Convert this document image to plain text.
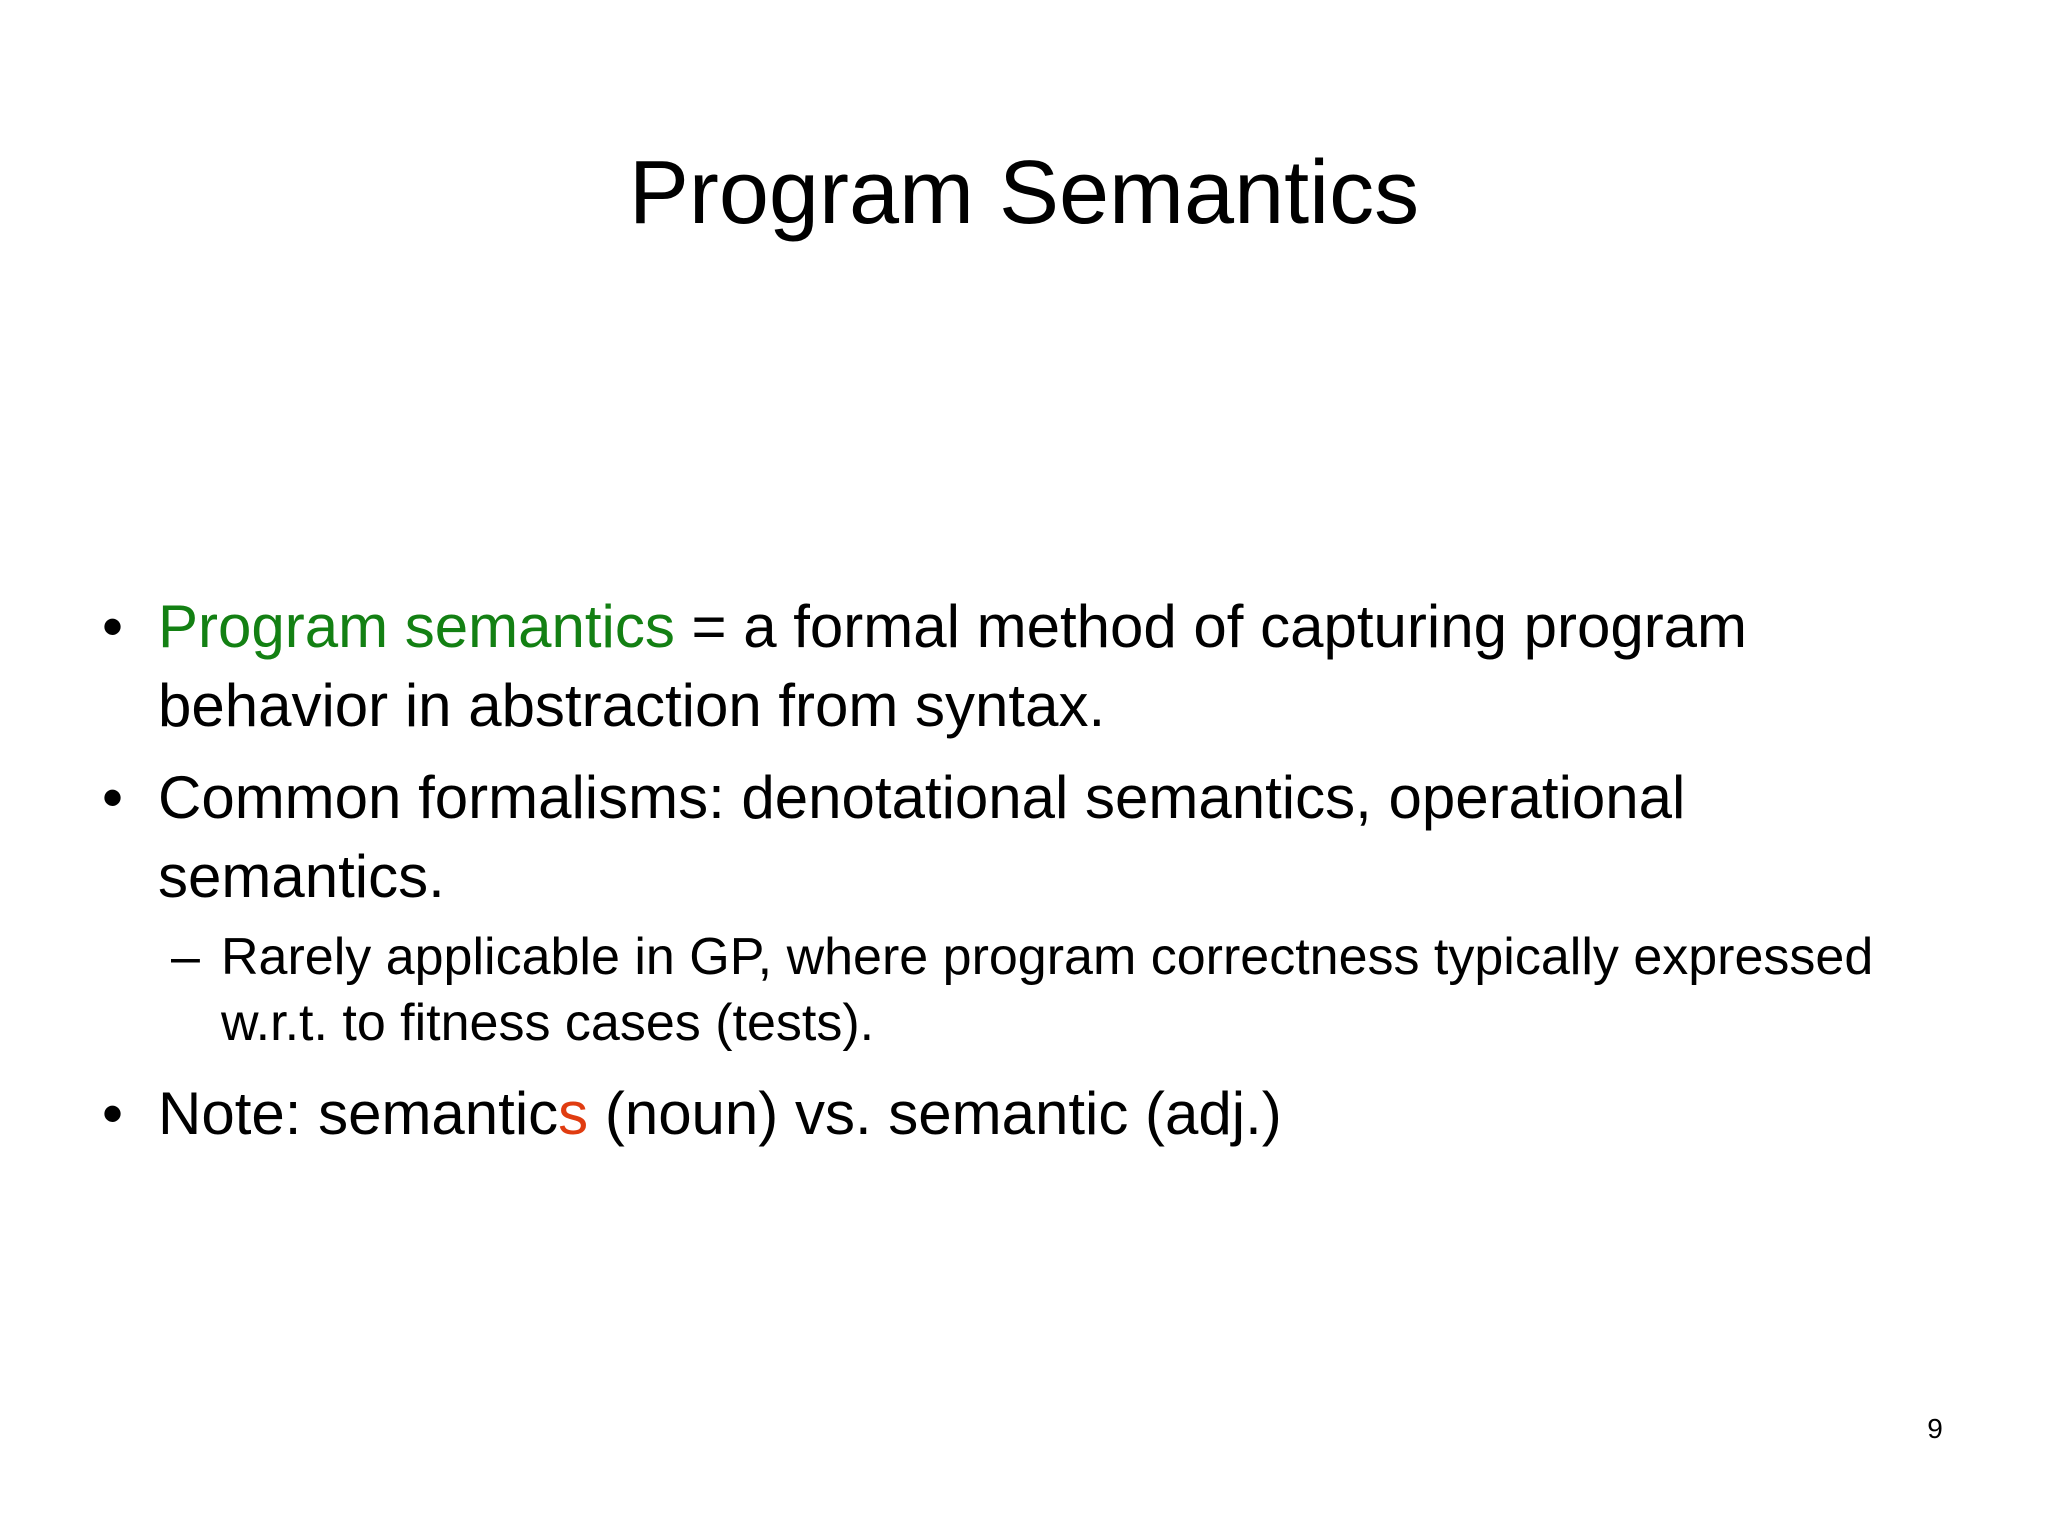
Program Semantics
• Program semantics = a formal method of capturing program behavior in abstraction from syntax.
• Common formalisms: denotational semantics, operational semantics.
– Rarely applicable in GP, where program correctness typically expressed w.r.t. to fitness cases (tests).
• Note: semantics (noun) vs. semantic (adj.)
9
